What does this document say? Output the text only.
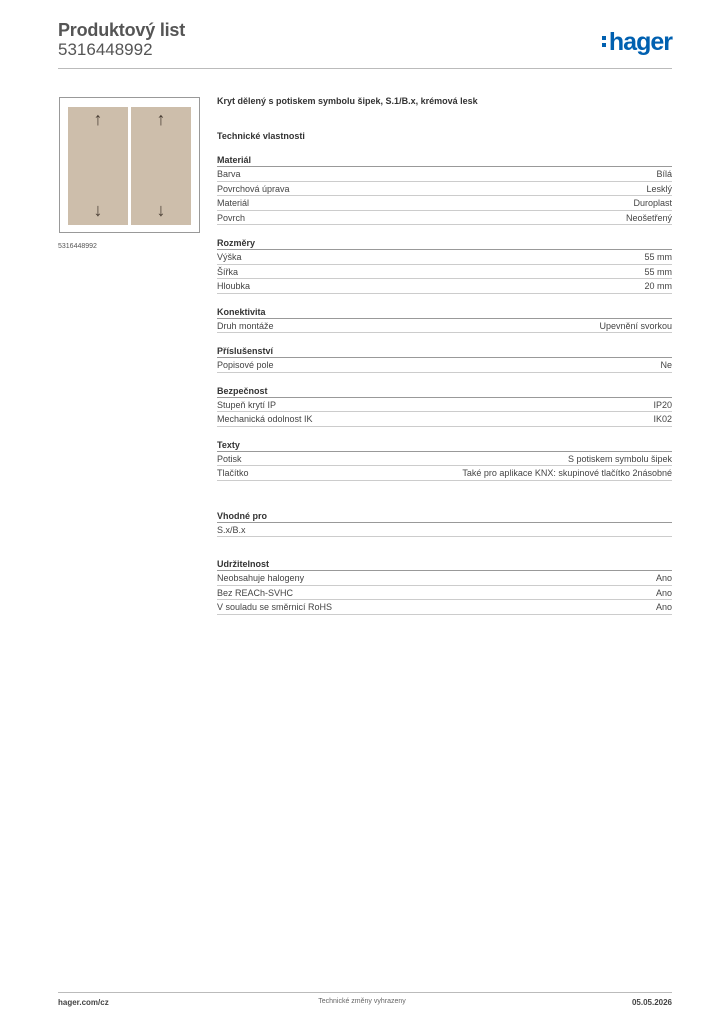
Produktový list
5316448992	hager
↑
↓
↑
↓
5316448992
Kryt dělený s potiskem symbolu šipek, S.1/B.x, krémová lesk
Technické vlastnosti
Materiál
Barva	Bílá
Povrchová úprava	Lesklý
Materiál	Duroplast
Povrch	Neošetřený
Rozměry
Výška	55 mm
Šířka	55 mm
Hloubka	20 mm
Konektivita
Druh montáže	Upevnění svorkou
Příslušenství
Popisové pole	Ne
Bezpečnost
Stupeň krytí IP	IP20
Mechanická odolnost IK	IK02
Texty
Potisk	S potiskem symbolu šipek
Tlačítko	Také pro aplikace KNX: skupinové tlačítko 2násobné
Vhodné pro
S.x/B.x
Udržitelnost
Neobsahuje halogeny	Ano
Bez REACh-SVHC	Ano
V souladu se směrnicí RoHS	Ano
hager.com/cz	Technické změny vyhrazeny	05.05.2026
